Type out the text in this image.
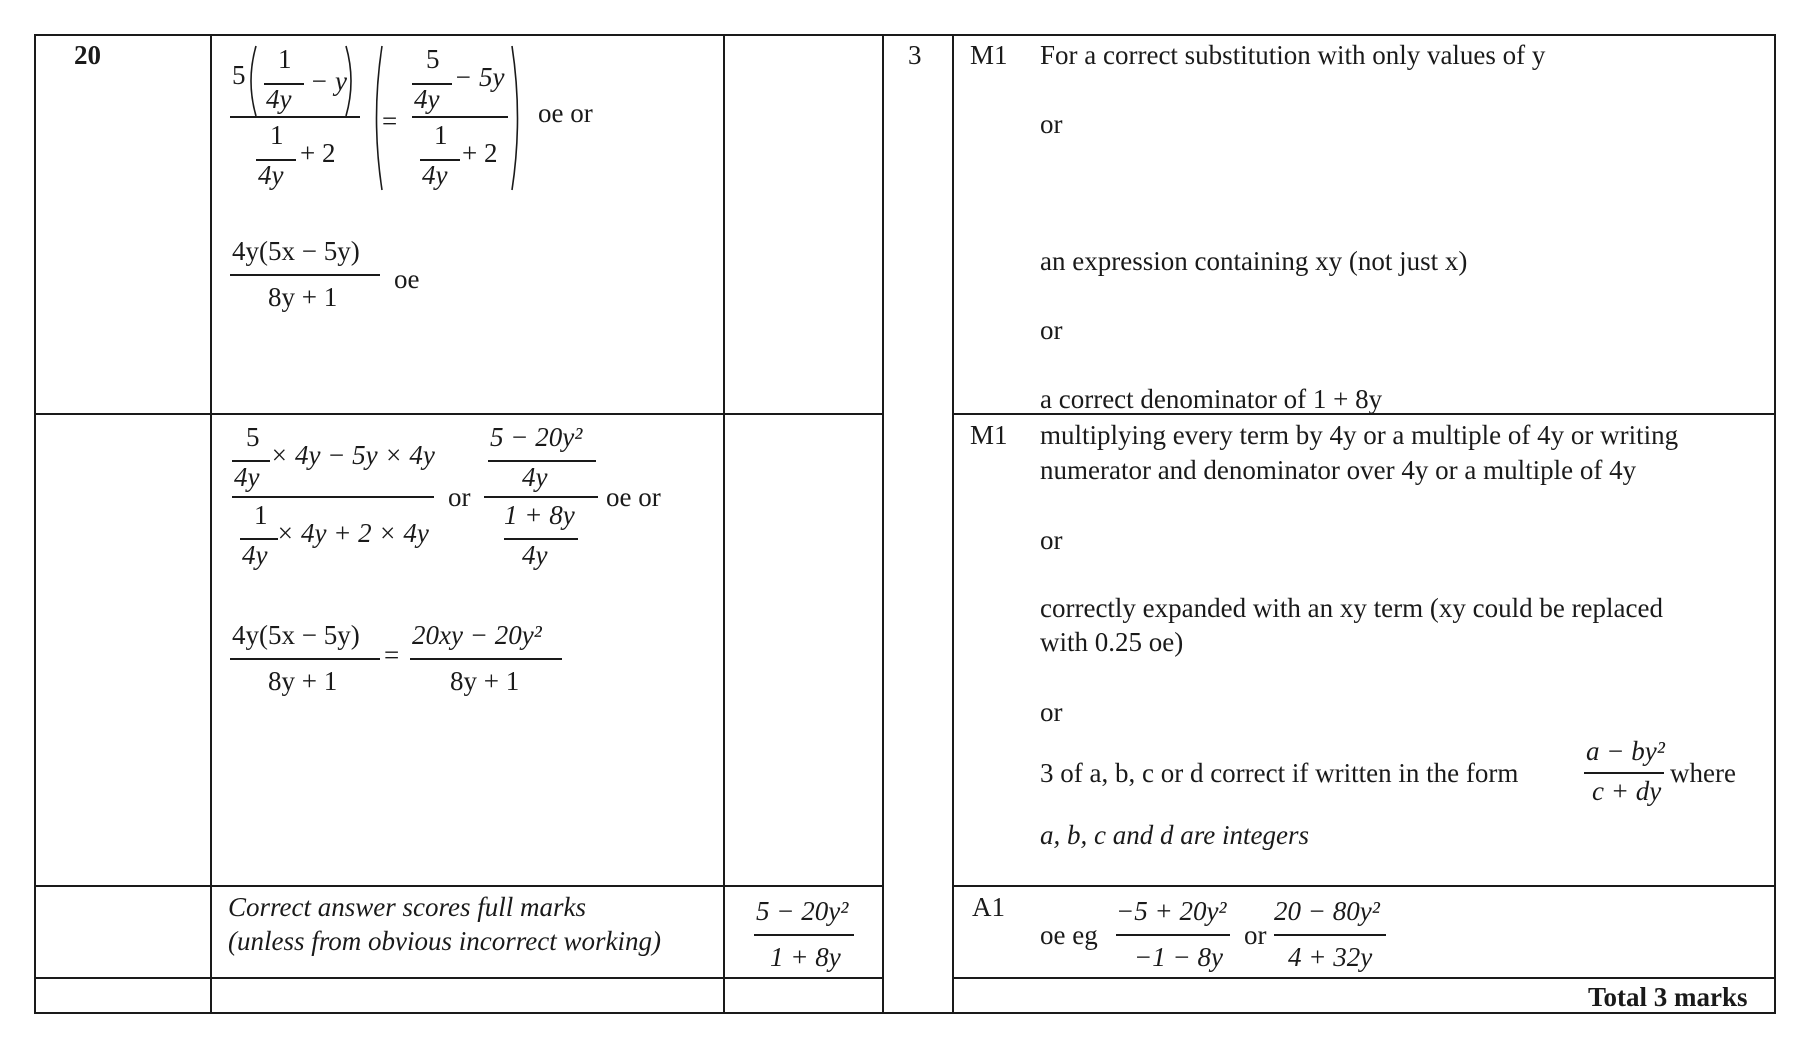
20	3
5
1
4y
− y
1
4y
+ 2
=
5
4y
− 5y
1
4y
+ 2
oe or
4y(5x − 5y)
8y + 1
oe
M1 For a correct substitution with only values of y
or
an expression containing xy (not just x)
or
a correct denominator of 1 + 8y
5
4y
× 4y − 5y × 4y
1
4y
× 4y + 2 × 4y
or
5 − 20y²
4y
1 + 8y
4y
oe or
4y(5x − 5y)
8y + 1
=
20xy − 20y²
8y + 1
M1 multiplying every term by 4y or a multiple of 4y or writing
numerator and denominator over 4y or a multiple of 4y
or
correctly expanded with an xy term (xy could be replaced
with 0.25 oe)
or
3 of a, b, c or d correct if written in the form
a − by²
c + dy
where
a, b, c and d are integers
Correct answer scores full marks
(unless from obvious incorrect working)
5 − 20y²
1 + 8y
A1
oe eg
−5 + 20y²
−1 − 8y
or
20 − 80y²
4 + 32y
Total 3 marks
